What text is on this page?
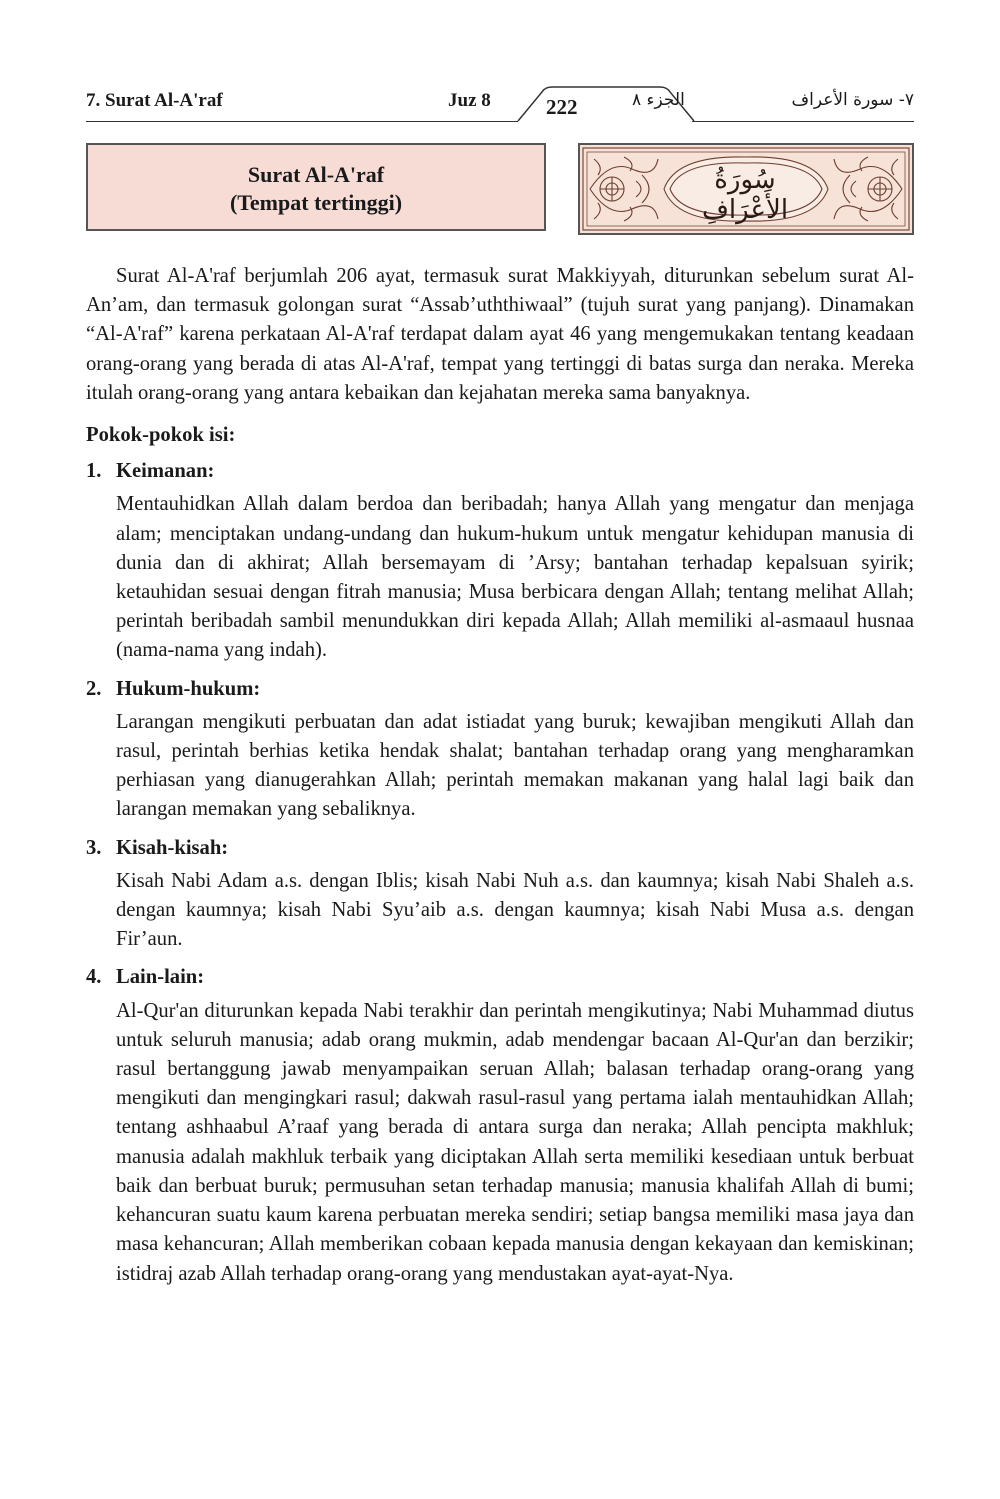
7. Surat Al-A'raf	Juz 8	222	الجزء ٨	٧- سورة الأعراف
Surat Al-A'raf
(Tempat tertinggi)
سُورَةُ الأَعْرَافِ

Surat Al-A'raf berjumlah 206 ayat, termasuk surat Makkiyyah, diturunkan sebelum surat Al-An’am, dan termasuk golongan surat “Assab’uththiwaal” (tujuh surat yang panjang). Dinamakan “Al-A'raf” karena perkataan Al-A'raf terdapat dalam ayat 46 yang mengemukakan tentang keadaan orang-orang yang berada di atas Al-A'raf, tempat yang tertinggi di batas surga dan neraka. Mereka itulah orang-orang yang antara kebaikan dan kejahatan mereka sama banyaknya.

Pokok-pokok isi:
1. Keimanan:
Mentauhidkan Allah dalam berdoa dan beribadah; hanya Allah yang mengatur dan menjaga alam; menciptakan undang-undang dan hukum-hukum untuk mengatur kehidupan manusia di dunia dan di akhirat; Allah bersemayam di ’Arsy; bantahan terhadap kepalsuan syirik; ketauhidan sesuai dengan fitrah manusia; Musa berbicara dengan Allah; tentang melihat Allah; perintah beribadah sambil menundukkan diri kepada Allah; Allah memiliki al-asmaaul husnaa (nama-nama yang indah).
2. Hukum-hukum:
Larangan mengikuti perbuatan dan adat istiadat yang buruk; kewajiban mengikuti Allah dan rasul, perintah berhias ketika hendak shalat; bantahan terhadap orang yang mengharamkan perhiasan yang dianugerahkan Allah; perintah memakan makanan yang halal lagi baik dan larangan memakan yang sebaliknya.
3. Kisah-kisah:
Kisah Nabi Adam a.s. dengan Iblis; kisah Nabi Nuh a.s. dan kaumnya; kisah Nabi Shaleh a.s. dengan kaumnya; kisah Nabi Syu’aib a.s. dengan kaumnya; kisah Nabi Musa a.s. dengan Fir’aun.
4. Lain-lain:
Al-Qur'an diturunkan kepada Nabi terakhir dan perintah mengikutinya; Nabi Muhammad diutus untuk seluruh manusia; adab orang mukmin, adab mendengar bacaan Al-Qur'an dan berzikir; rasul bertanggung jawab menyampaikan seruan Allah; balasan terhadap orang-orang yang mengikuti dan mengingkari rasul; dakwah rasul-rasul yang pertama ialah mentauhidkan Allah; tentang ashhaabul A’raaf yang berada di antara surga dan neraka; Allah pencipta makhluk; manusia adalah makhluk terbaik yang diciptakan Allah serta memiliki kesediaan untuk berbuat baik dan berbuat buruk; permusuhan setan terhadap manusia; manusia khalifah Allah di bumi; kehancuran suatu kaum karena perbuatan mereka sendiri; setiap bangsa memiliki masa jaya dan masa kehancuran; Allah memberikan cobaan kepada manusia dengan kekayaan dan kemiskinan; istidraj azab Allah terhadap orang-orang yang mendustakan ayat-ayat-Nya.
